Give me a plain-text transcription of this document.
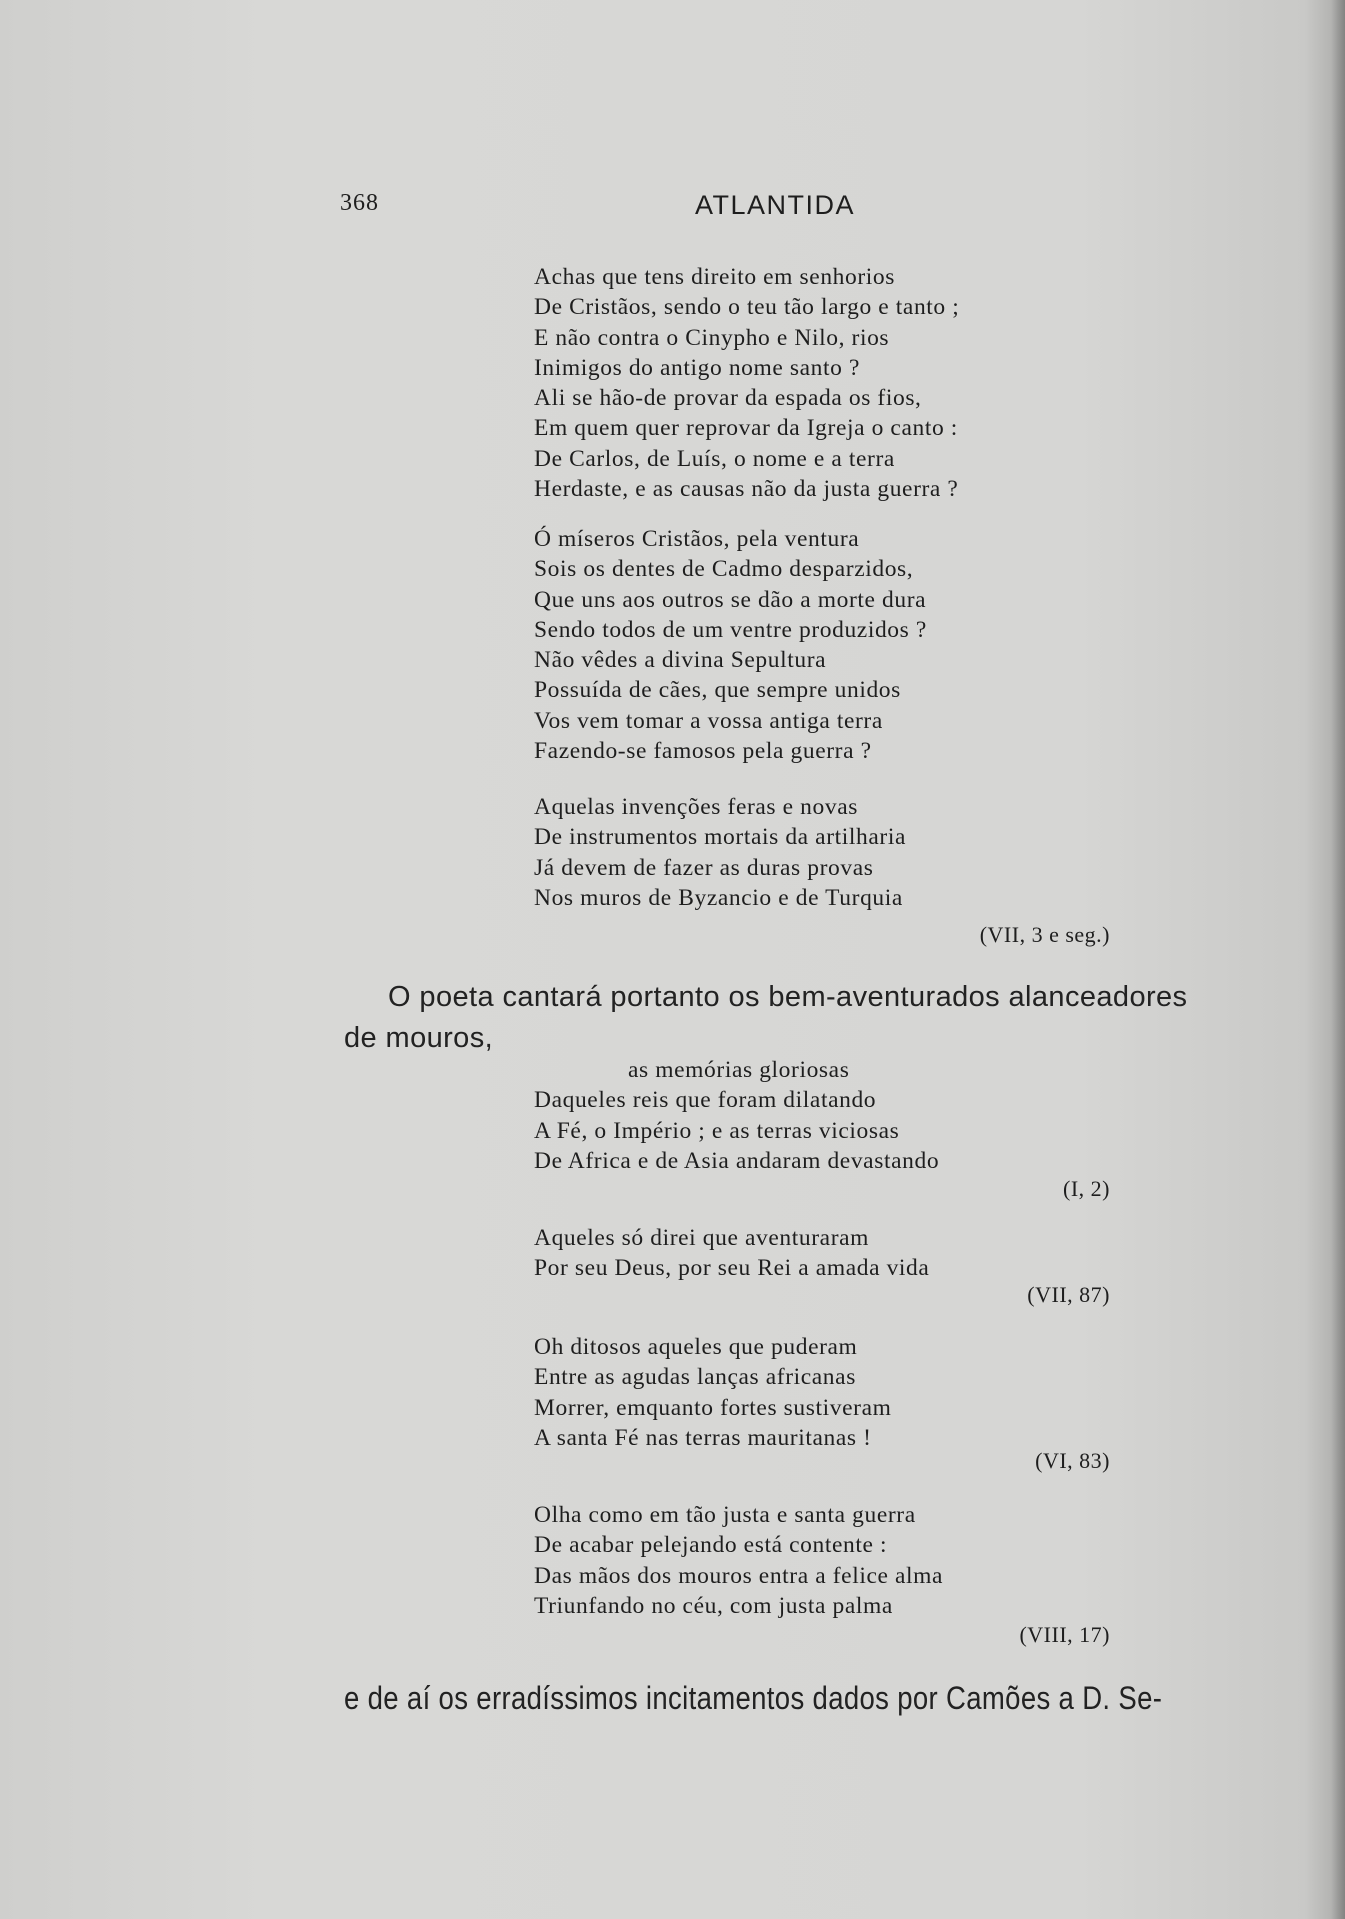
368	ATLANTIDA
Achas que tens direito em senhorios
De Cristãos, sendo o teu tão largo e tanto ;
E não contra o Cinypho e Nilo, rios
Inimigos do antigo nome santo ?
Ali se hão-de provar da espada os fios,
Em quem quer reprovar da Igreja o canto :
De Carlos, de Luís, o nome e a terra
Herdaste, e as causas não da justa guerra ?
Ó míseros Cristãos, pela ventura
Sois os dentes de Cadmo desparzidos,
Que uns aos outros se dão a morte dura
Sendo todos de um ventre produzidos ?
Não vêdes a divina Sepultura
Possuída de cães, que sempre unidos
Vos vem tomar a vossa antiga terra
Fazendo-se famosos pela guerra ?
Aquelas invenções feras e novas
De instrumentos mortais da artilharia
Já devem de fazer as duras provas
Nos muros de Byzancio e de Turquia
(VII, 3 e seg.)
O poeta cantará portanto os bem-aventurados alanceadores
de mouros,
as memórias gloriosas
Daqueles reis que foram dilatando
A Fé, o Império ; e as terras viciosas
De Africa e de Asia andaram devastando
(I, 2)
Aqueles só direi que aventuraram
Por seu Deus, por seu Rei a amada vida
(VII, 87)
Oh ditosos aqueles que puderam
Entre as agudas lanças africanas
Morrer, emquanto fortes sustiveram
A santa Fé nas terras mauritanas !
(VI, 83)
Olha como em tão justa e santa guerra
De acabar pelejando está contente :
Das mãos dos mouros entra a felice alma
Triunfando no céu, com justa palma
(VIII, 17)
e de aí os erradíssimos incitamentos dados por Camões a D. Se-
